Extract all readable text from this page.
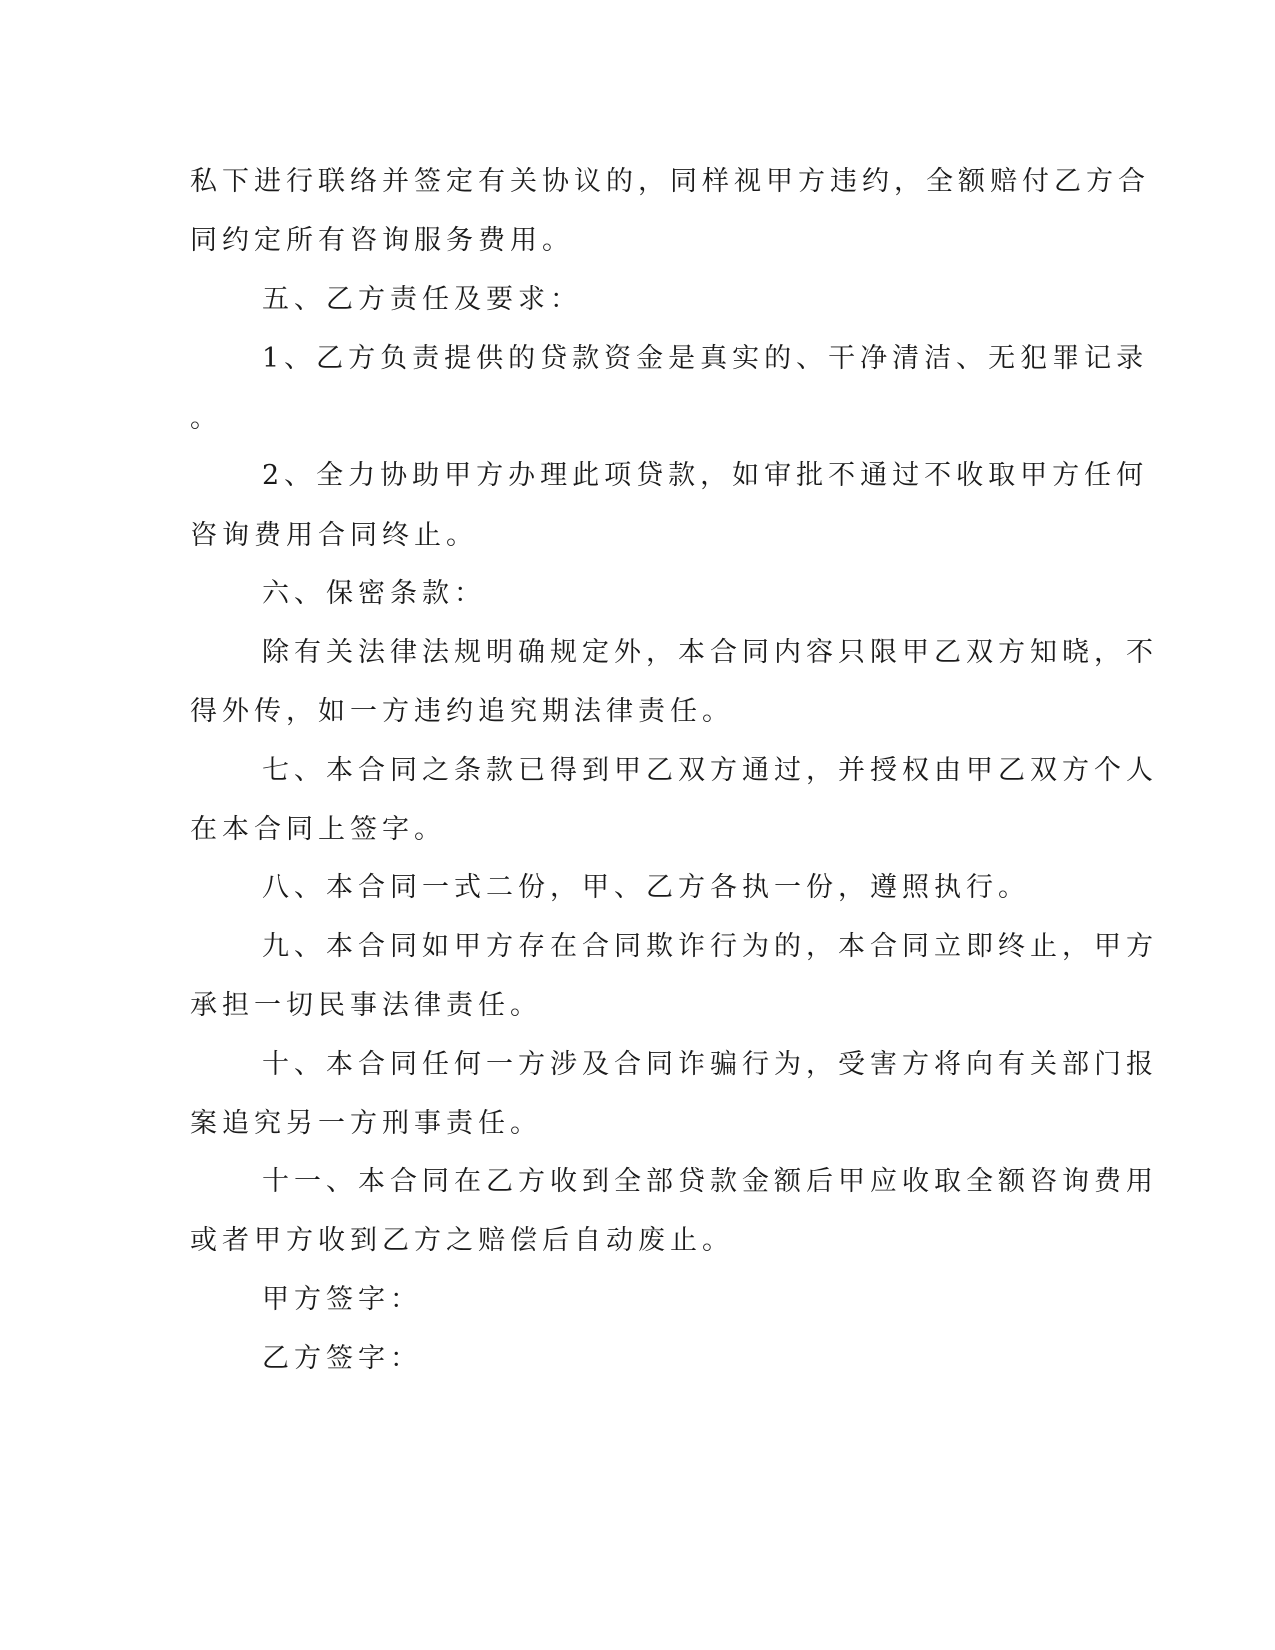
私下进行联络并签定有关协议的，同样视甲方违约，全额赔付乙方合
同约定所有咨询服务费用。
五、乙方责任及要求：
1、乙方负责提供的贷款资金是真实的、干净清洁、无犯罪记录
。
2、全力协助甲方办理此项贷款，如审批不通过不收取甲方任何
咨询费用合同终止。
六、保密条款：
除有关法律法规明确规定外，本合同内容只限甲乙双方知晓，不
得外传，如一方违约追究期法律责任。
七、本合同之条款已得到甲乙双方通过，并授权由甲乙双方个人
在本合同上签字。
八、本合同一式二份，甲、乙方各执一份，遵照执行。
九、本合同如甲方存在合同欺诈行为的，本合同立即终止，甲方
承担一切民事法律责任。
十、本合同任何一方涉及合同诈骗行为，受害方将向有关部门报
案追究另一方刑事责任。
十一、本合同在乙方收到全部贷款金额后甲应收取全额咨询费用
或者甲方收到乙方之赔偿后自动废止。
甲方签字：
乙方签字：
